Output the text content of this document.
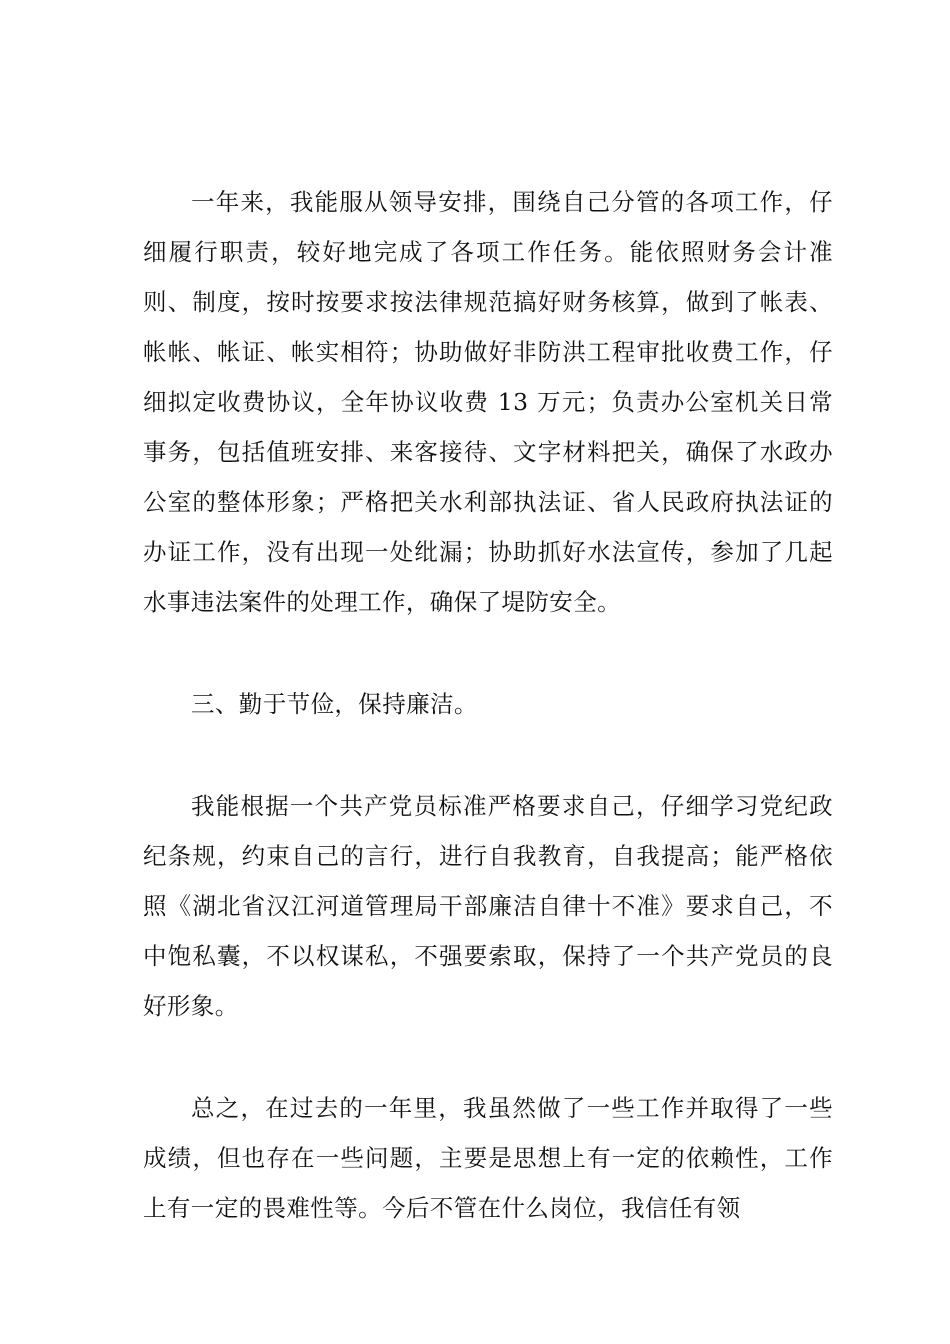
一年来，我能服从领导安排，围绕自己分管的各项工作，仔细履行职责，较好地完成了各项工作任务。能依照财务会计准则、制度，按时按要求按法律规范搞好财务核算，做到了帐表、帐帐、帐证、帐实相符；协助做好非防洪工程审批收费工作，仔细拟定收费协议，全年协议收费 13 万元；负责办公室机关日常事务，包括值班安排、来客接待、文字材料把关，确保了水政办公室的整体形象；严格把关水利部执法证、省人民政府执法证的办证工作，没有出现一处纰漏；协助抓好水法宣传，参加了几起水事违法案件的处理工作，确保了堤防安全。

三、勤于节俭，保持廉洁。

我能根据一个共产党员标准严格要求自己，仔细学习党纪政纪条规，约束自己的言行，进行自我教育，自我提高；能严格依照《湖北省汉江河道管理局干部廉洁自律十不准》要求自己，不中饱私囊，不以权谋私，不强要索取，保持了一个共产党员的良好形象。

总之，在过去的一年里，我虽然做了一些工作并取得了一些成绩，但也存在一些问题，主要是思想上有一定的依赖性，工作上有一定的畏难性等。今后不管在什么岗位，我信任有领
